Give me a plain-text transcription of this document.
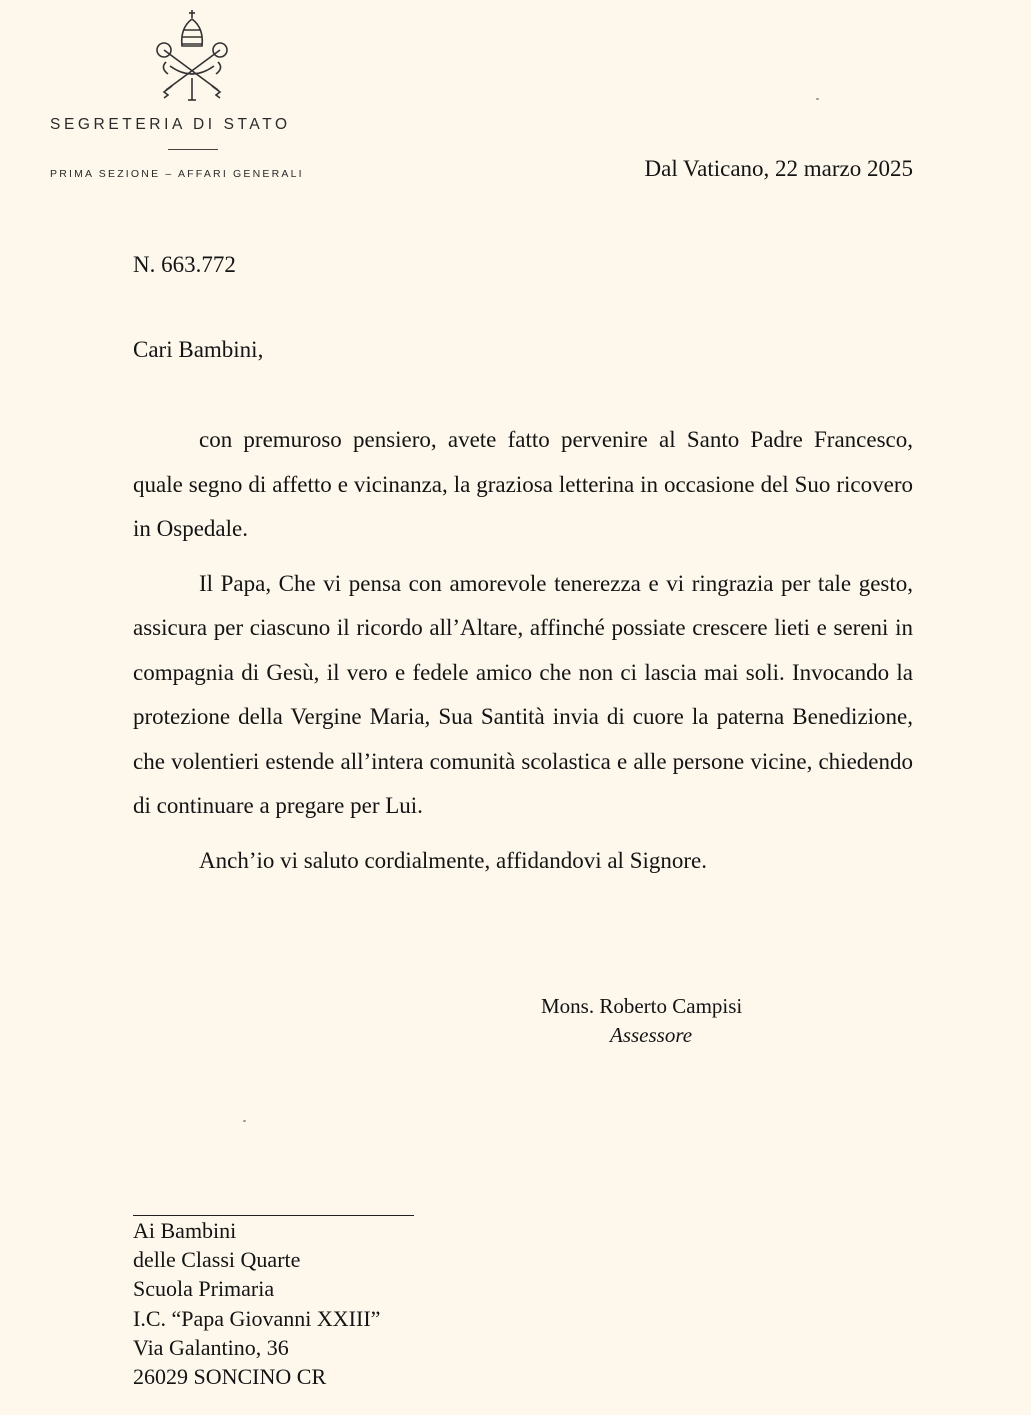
SEGRETERIA DI STATO
PRIMA SEZIONE – AFFARI GENERALI	Dal Vaticano, 22 marzo 2025
N. 663.772
Cari Bambini,

con premuroso pensiero, avete fatto pervenire al Santo Padre Francesco, quale segno di affetto e vicinanza, la graziosa letterina in occasione del Suo ricovero in Ospedale.

Il Papa, Che vi pensa con amorevole tenerezza e vi ringrazia per tale gesto, assicura per ciascuno il ricordo all’Altare, affinché possiate crescere lieti e sereni in compagnia di Gesù, il vero e fedele amico che non ci lascia mai soli. Invocando la protezione della Vergine Maria, Sua Santità invia di cuore la paterna Benedizione, che volentieri estende all’intera comunità scolastica e alle persone vicine, chiedendo di continuare a pregare per Lui.

Anch’io vi saluto cordialmente, affidandovi al Signore.

Mons. Roberto Campisi
Assessore
Ai Bambini
delle Classi Quarte
Scuola Primaria
I.C. “Papa Giovanni XXIII”
Via Galantino, 36
26029 SONCINO CR
